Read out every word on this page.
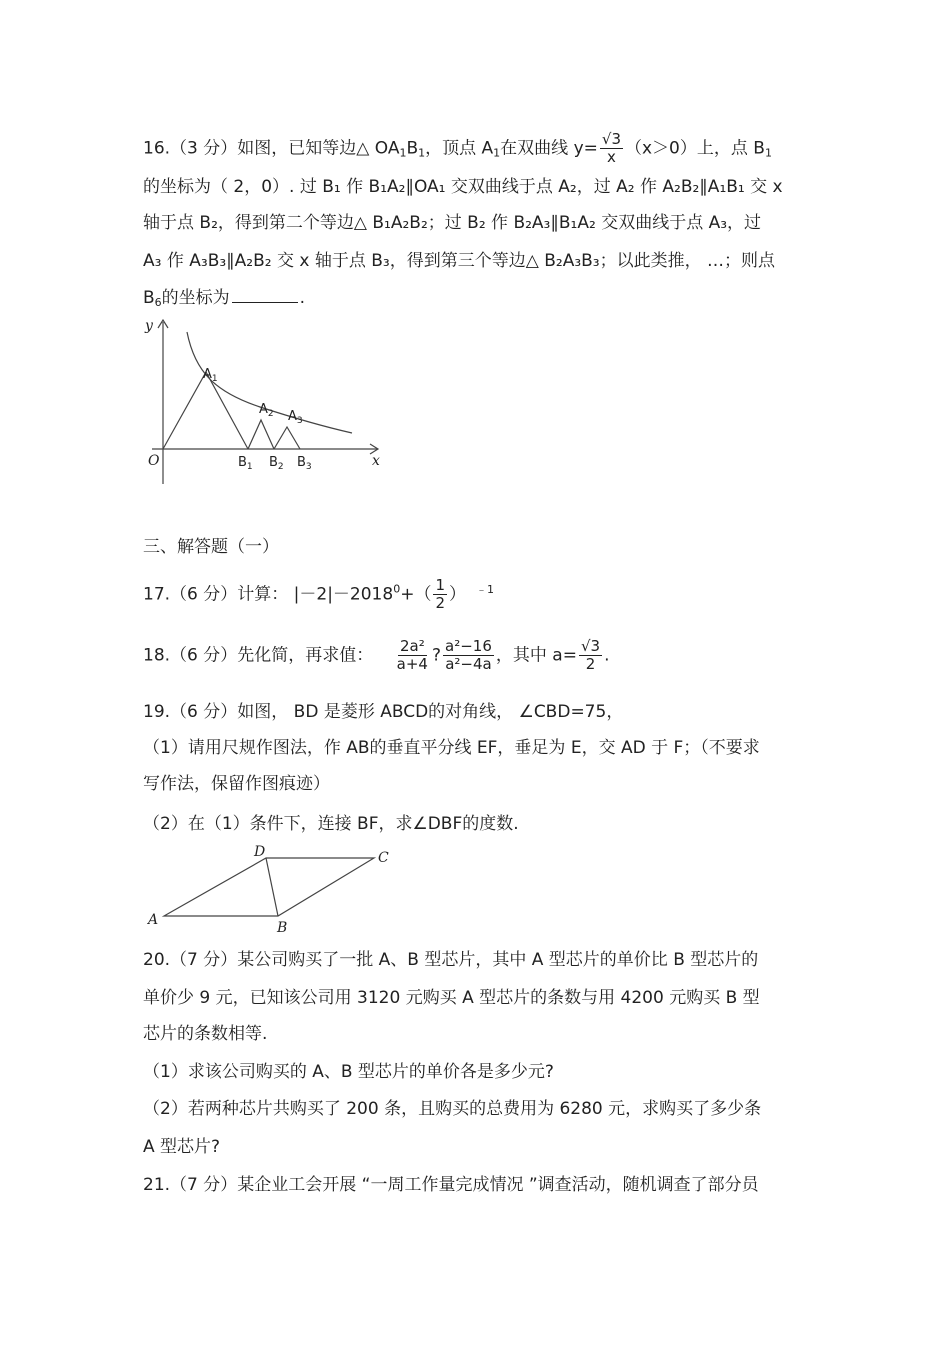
16.（3 分）如图，已知等边△ $OA_1B_1$，顶点 $A_1$在双曲线 $y= \frac{√3}{x} (x>0)$上，点 $B_1$
的坐标为（ 2，0）. 过 B₁ 作 B₁A₂∥OA₁ 交双曲线于点 A₂，过 A₂ 作 A₂B₂∥A₁B₁ 交 x
轴于点 B₂，得到第二个等边△ B₁A₂B₂；过 B₂ 作 B₂A₃∥B₁A₂ 交双曲线于点 A₃，过
A₃ 作 A₃B₃∥A₂B₂ 交 x 轴于点 B₃，得到第三个等边△ B₂A₃B₃；以此类推， …；则点
$B_6$的坐标为	.
y
x
O
$A_1$
$A_2$ $A_3$
$B_1$ $B_2$ $B_3$
三、解答题（一）
17.（6 分）计算： $|-2|-2018^0+( \frac{1}{2}$ ） $^{﹣1}$
18.（6 分）先化简，再求值： $\frac{\text{2a²}}{a+4}$ ? $\frac{\text{a²−16}}{\text{a²−4a}}$ ，其中 $a= \frac{√3}{2}$ .
19.（6 分）如图， BD 是菱形 ABCD的对角线， ∠CBD=75，
（1）请用尺规作图法，作 AB的垂直平分线 EF，垂足为 E，交 AD 于 F；（不要求
写作法，保留作图痕迹）
（2）在（1）条件下，连接 BF，求∠DBF的度数.
A	B
C
D
20.（7 分）某公司购买了一批 A、B 型芯片，其中 A 型芯片的单价比 B 型芯片的
单价少 9 元，已知该公司用 3120 元购买 A 型芯片的条数与用 4200 元购买 B 型
芯片的条数相等.
（1）求该公司购买的 A、B 型芯片的单价各是多少元?
（2）若两种芯片共购买了 200 条，且购买的总费用为 6280 元，求购买了多少条
A 型芯片?
21.（7 分）某企业工会开展 “一周工作量完成情况 ”调查活动，随机调查了部分员
